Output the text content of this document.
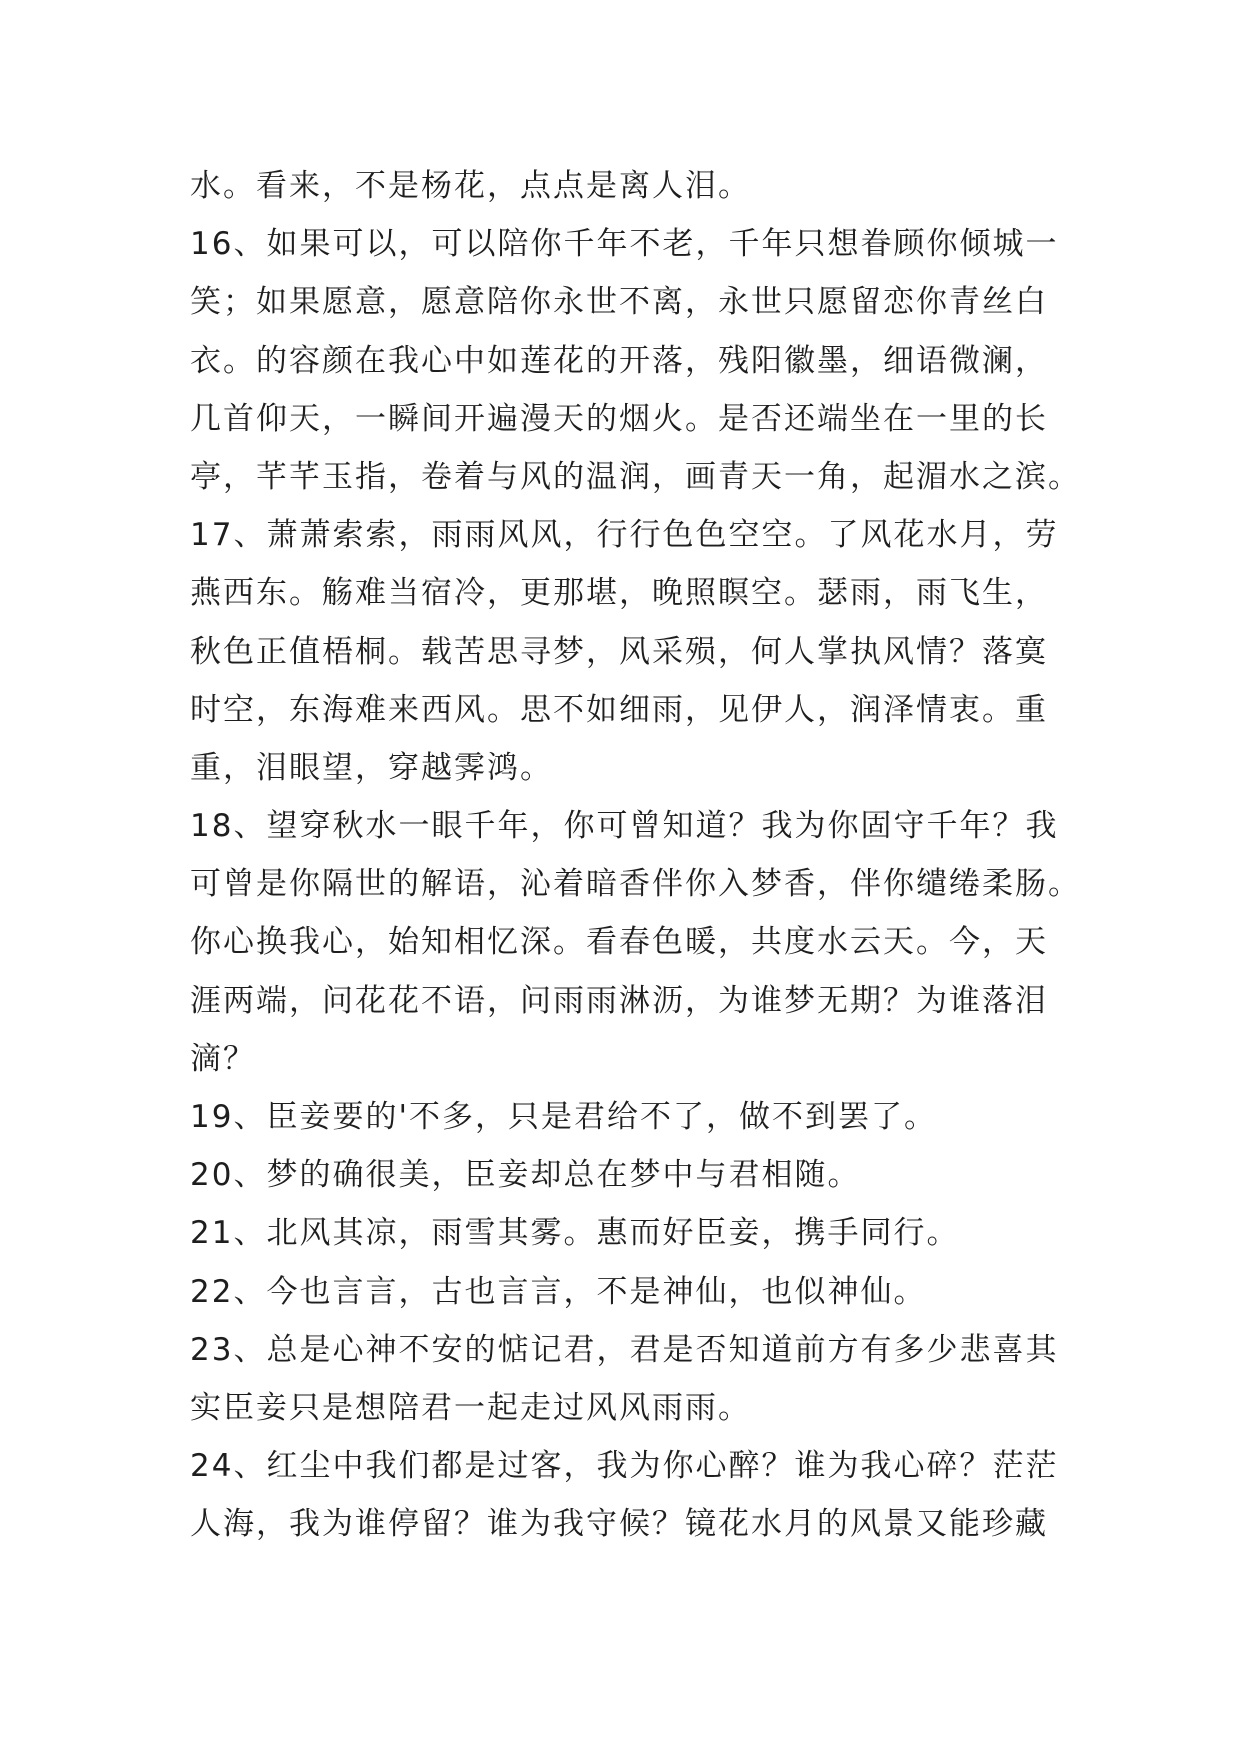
水。看来，不是杨花，点点是离人泪。
16、如果可以，可以陪你千年不老，千年只想眷顾你倾城一
笑；如果愿意，愿意陪你永世不离，永世只愿留恋你青丝白
衣。的容颜在我心中如莲花的开落，残阳徽墨，细语微澜，
几首仰天，一瞬间开遍漫天的烟火。是否还端坐在一里的长
亭，芊芊玉指，卷着与风的温润，画青天一角，起湄水之滨。
17、萧萧索索，雨雨风风，行行色色空空。了风花水月，劳
燕西东。觞难当宿冷，更那堪，晚照瞑空。瑟雨，雨飞生，
秋色正值梧桐。载苦思寻梦，风采殒，何人掌执风情？落寞
时空，东海难来西风。思不如细雨，见伊人，润泽情衷。重
重，泪眼望，穿越霁鸿。
18、望穿秋水一眼千年，你可曾知道？我为你固守千年？我
可曾是你隔世的解语，沁着暗香伴你入梦香，伴你缱绻柔肠。
你心换我心，始知相忆深。看春色暖，共度水云天。今，天
涯两端，问花花不语，问雨雨淋沥，为谁梦无期？为谁落泪
滴？
19、臣妾要的'不多，只是君给不了，做不到罢了。
20、梦的确很美，臣妾却总在梦中与君相随。
21、北风其凉，雨雪其雾。惠而好臣妾，携手同行。
22、今也言言，古也言言，不是神仙，也似神仙。
23、总是心神不安的惦记君，君是否知道前方有多少悲喜其
实臣妾只是想陪君一起走过风风雨雨。
24、红尘中我们都是过客，我为你心醉？谁为我心碎？茫茫
人海，我为谁停留？谁为我守候？镜花水月的风景又能珍藏
